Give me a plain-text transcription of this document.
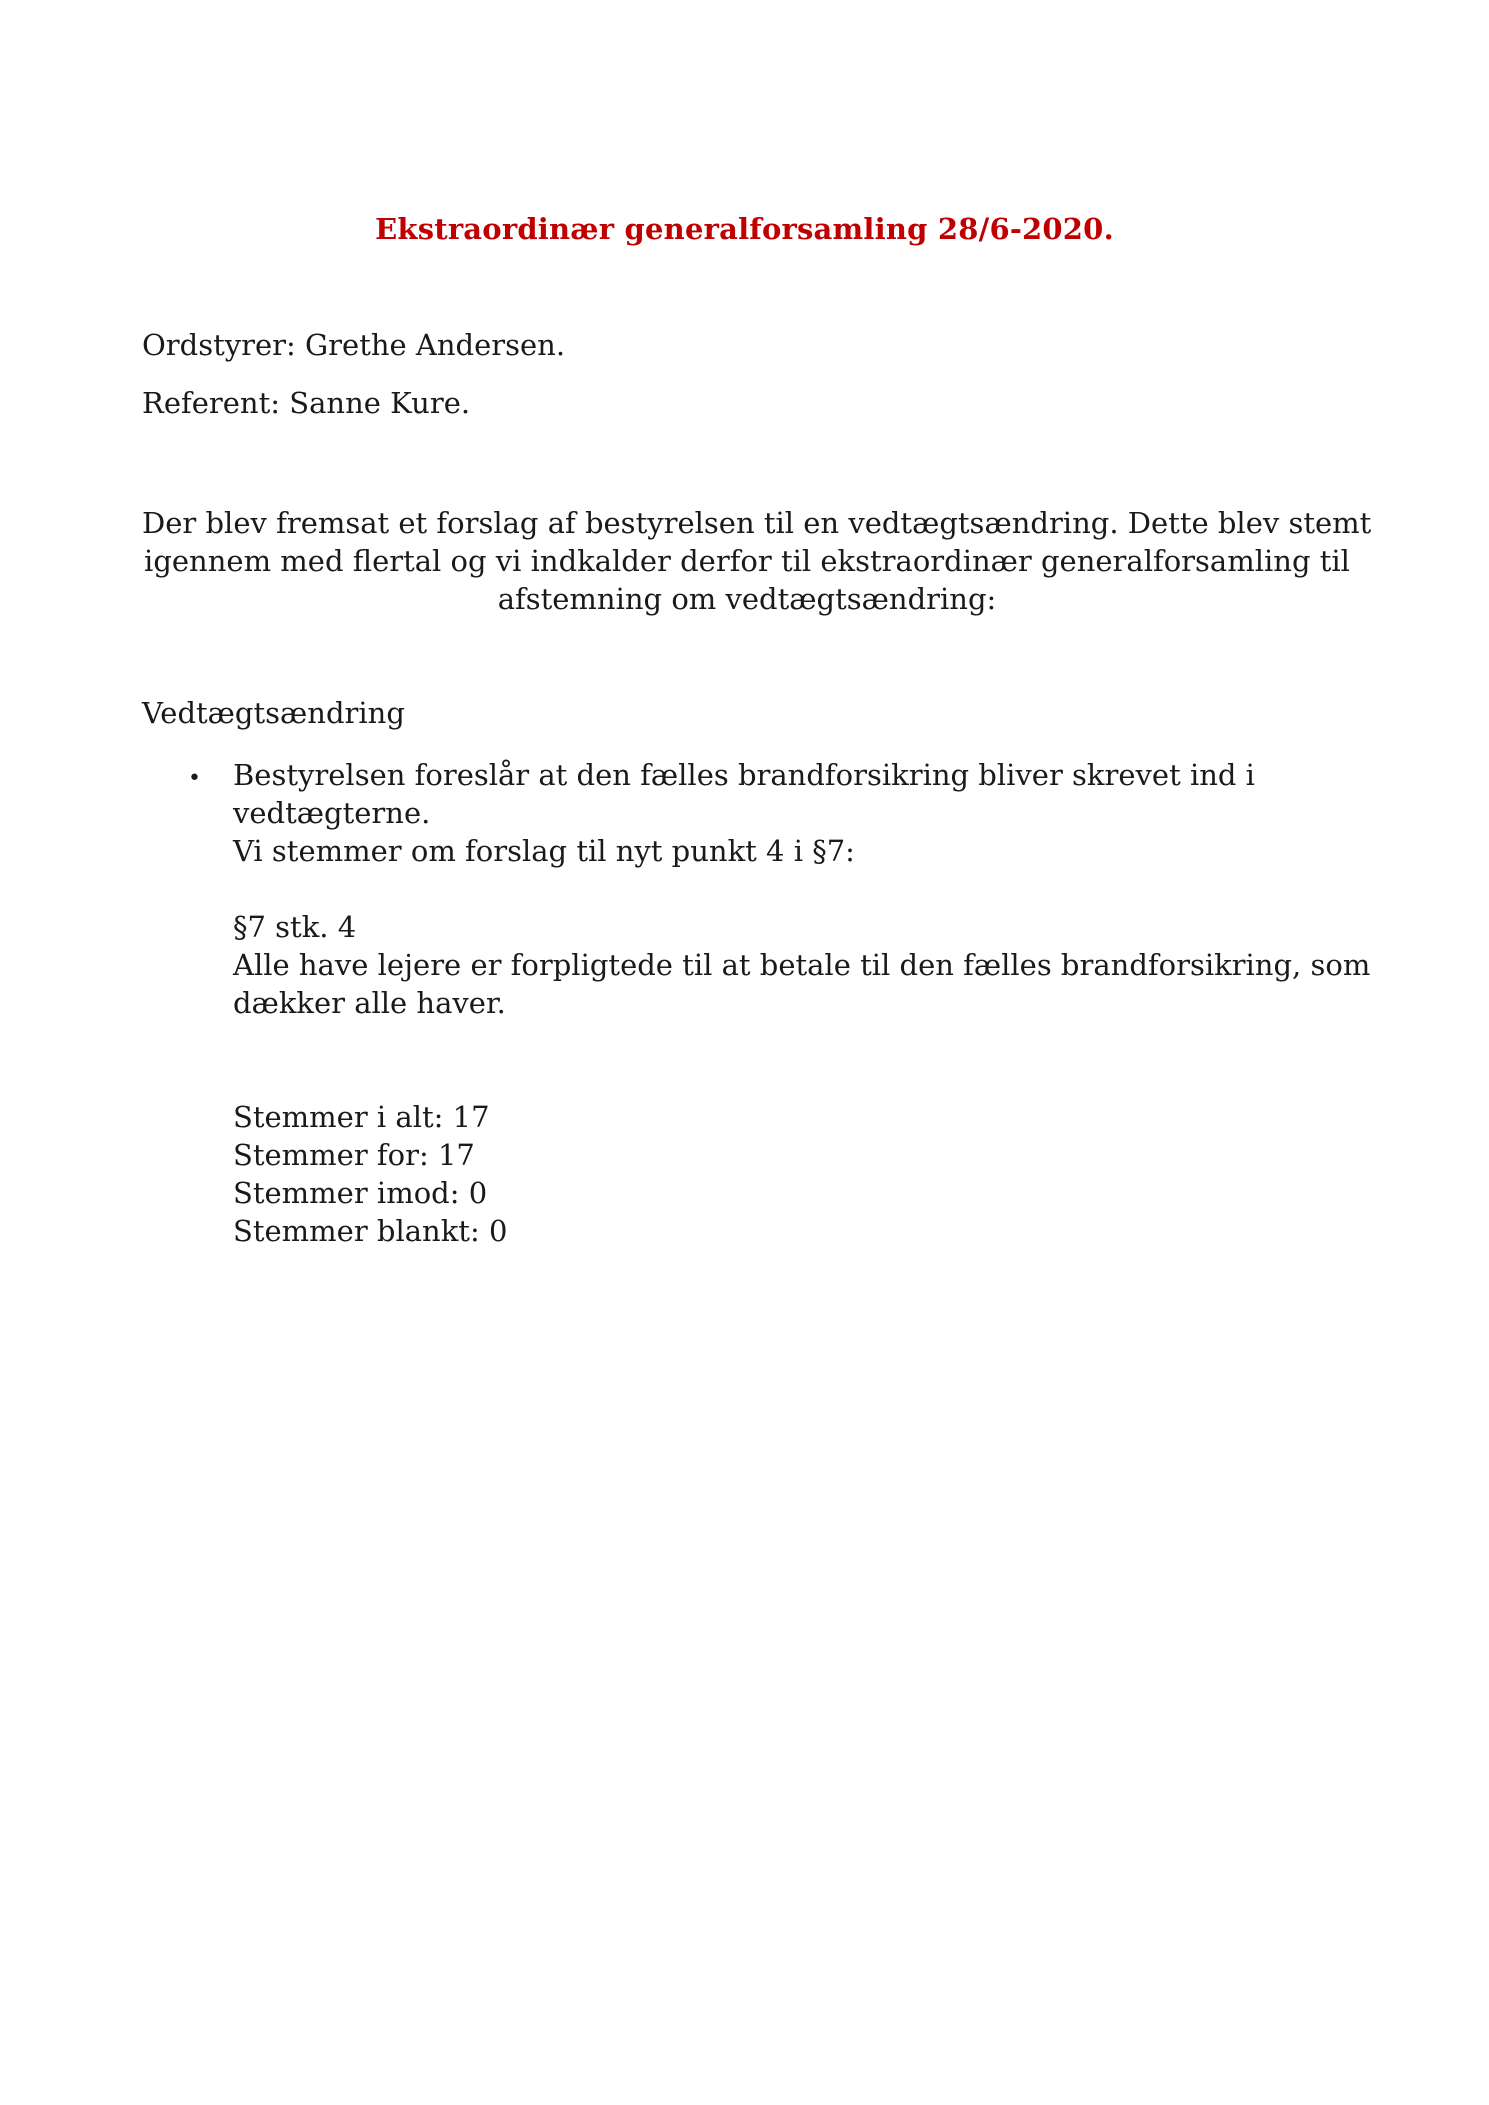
Ekstraordinær generalforsamling 28/6-2020.
Ordstyrer: Grethe Andersen.
Referent: Sanne Kure.
Der blev fremsat et forslag af bestyrelsen til en vedtægtsændring. Dette blev stemt
igennem med flertal og vi indkalder derfor til ekstraordinær generalforsamling til
afstemning om vedtægtsændring:
Vedtægtsændring
• Bestyrelsen foreslår at den fælles brandforsikring bliver skrevet ind i
vedtægterne.
Vi stemmer om forslag til nyt punkt 4 i §7:
§7 stk. 4
Alle have lejere er forpligtede til at betale til den fælles brandforsikring, som
dækker alle haver.
Stemmer i alt: 17
Stemmer for: 17
Stemmer imod: 0
Stemmer blankt: 0
